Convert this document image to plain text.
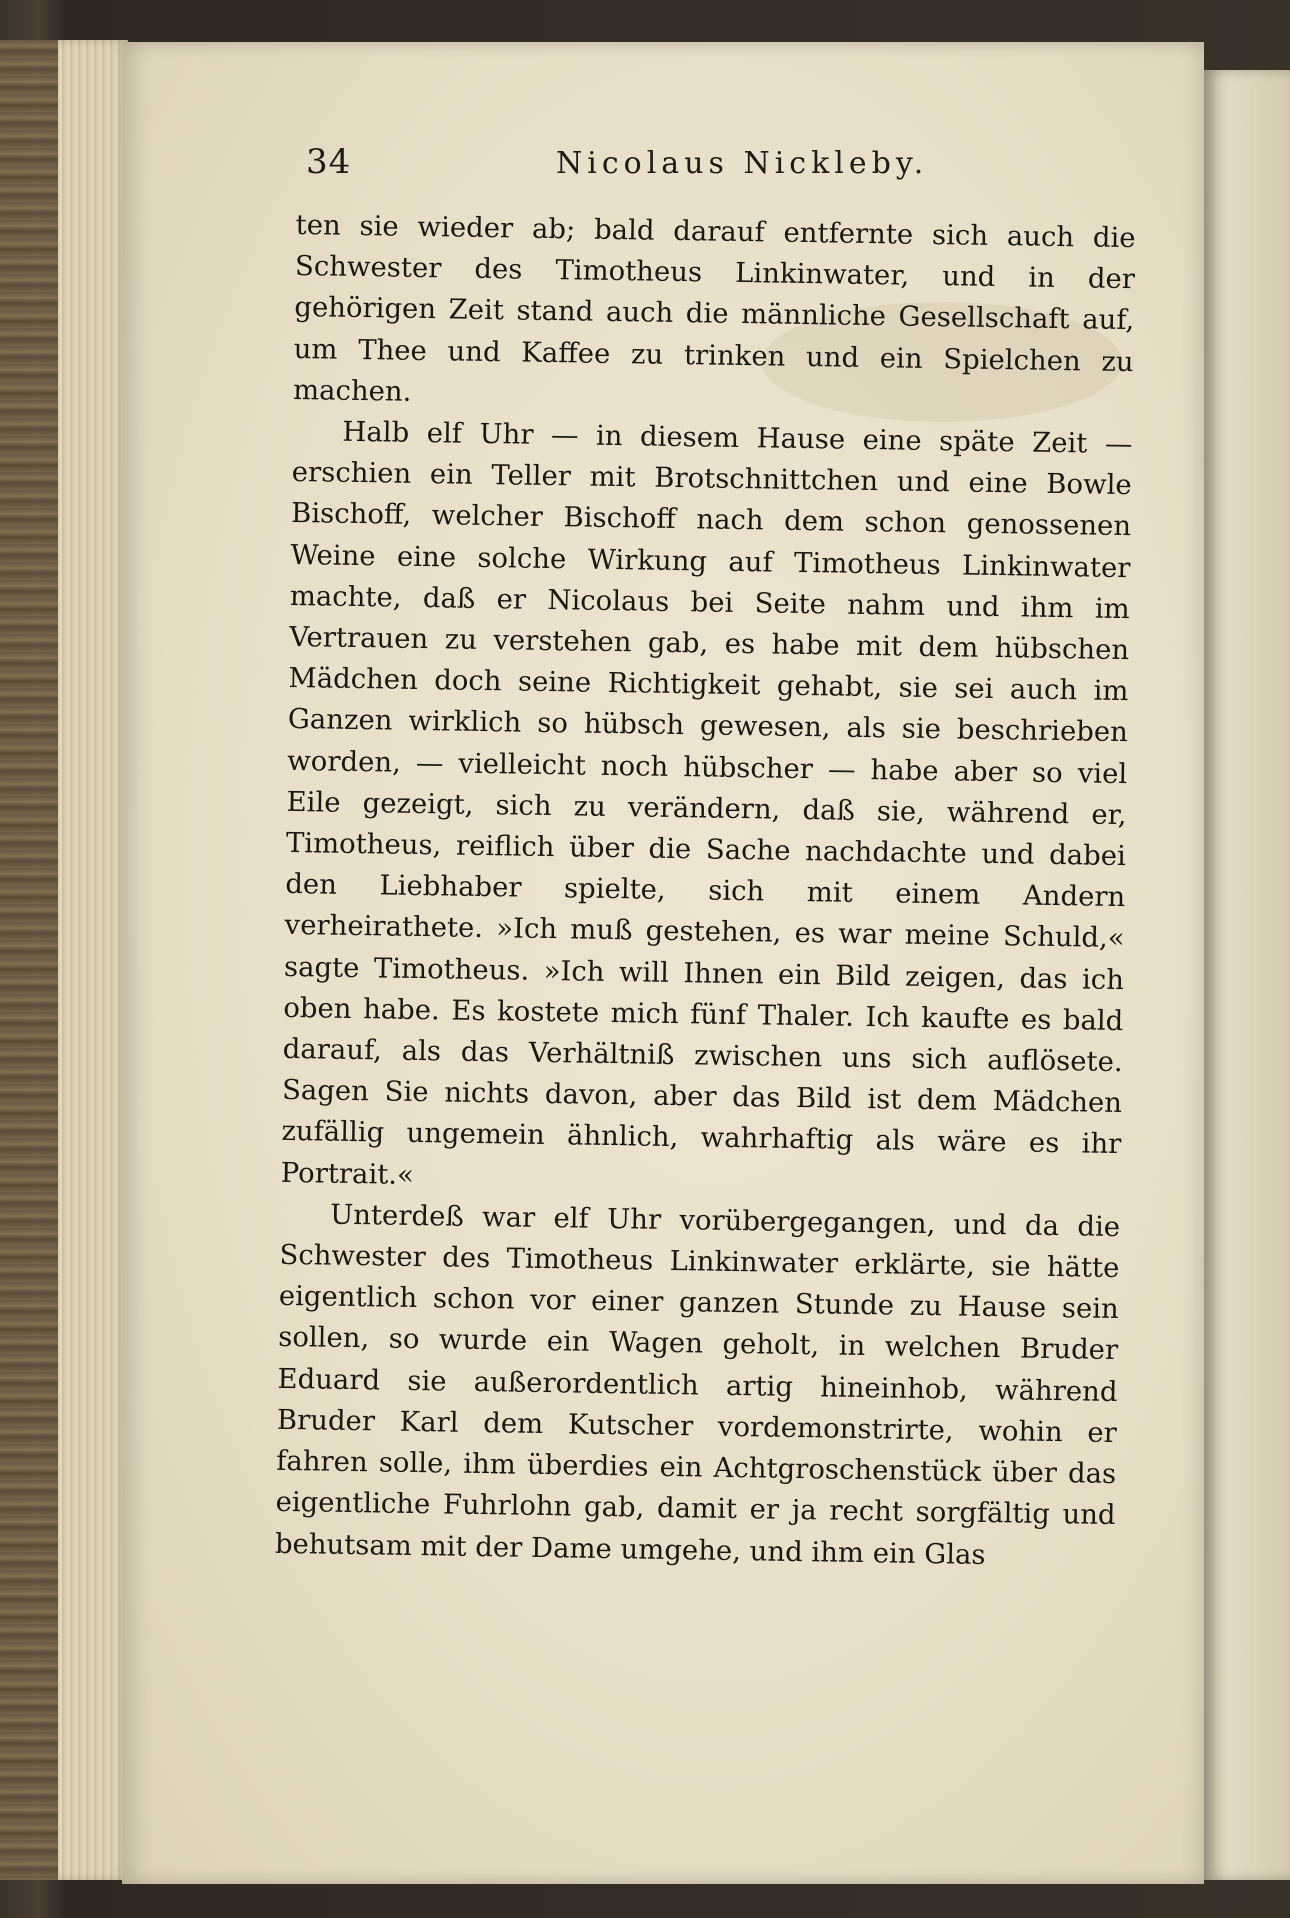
34	Nicolaus Nickleby.

ten sie wieder ab; bald darauf entfernte sich auch die Schwester des Timotheus Linkinwater, und in der gehörigen Zeit stand auch die männliche Gesellschaft auf, um Thee und Kaffee zu trinken und ein Spielchen zu machen.

Halb elf Uhr — in diesem Hause eine späte Zeit — erschien ein Teller mit Brotschnittchen und eine Bowle Bischoff, welcher Bischoff nach dem schon genossenen Weine eine solche Wirkung auf Timotheus Linkinwater machte, daß er Nicolaus bei Seite nahm und ihm im Vertrauen zu verstehen gab, es habe mit dem hübschen Mädchen doch seine Richtigkeit gehabt, sie sei auch im Ganzen wirklich so hübsch gewesen, als sie beschrieben worden, — vielleicht noch hübscher — habe aber so viel Eile gezeigt, sich zu verändern, daß sie, während er, Timotheus, reiflich über die Sache nachdachte und dabei den Liebhaber spielte, sich mit einem Andern verheirathete. »Ich muß gestehen, es war meine Schuld,« sagte Timotheus. »Ich will Ihnen ein Bild zeigen, das ich oben habe. Es kostete mich fünf Thaler. Ich kaufte es bald darauf, als das Verhältniß zwischen uns sich auflösete. Sagen Sie nichts davon, aber das Bild ist dem Mädchen zufällig ungemein ähnlich, wahrhaftig als wäre es ihr Portrait.«

Unterdeß war elf Uhr vorübergegangen, und da die Schwester des Timotheus Linkinwater erklärte, sie hätte eigentlich schon vor einer ganzen Stunde zu Hause sein sollen, so wurde ein Wagen geholt, in welchen Bruder Eduard sie außerordentlich artig hineinhob, während Bruder Karl dem Kutscher vordemonstrirte, wohin er fahren solle, ihm überdies ein Achtgroschenstück über das eigentliche Fuhrlohn gab, damit er ja recht sorgfältig und behutsam mit der Dame umgehe, und ihm ein Glas
